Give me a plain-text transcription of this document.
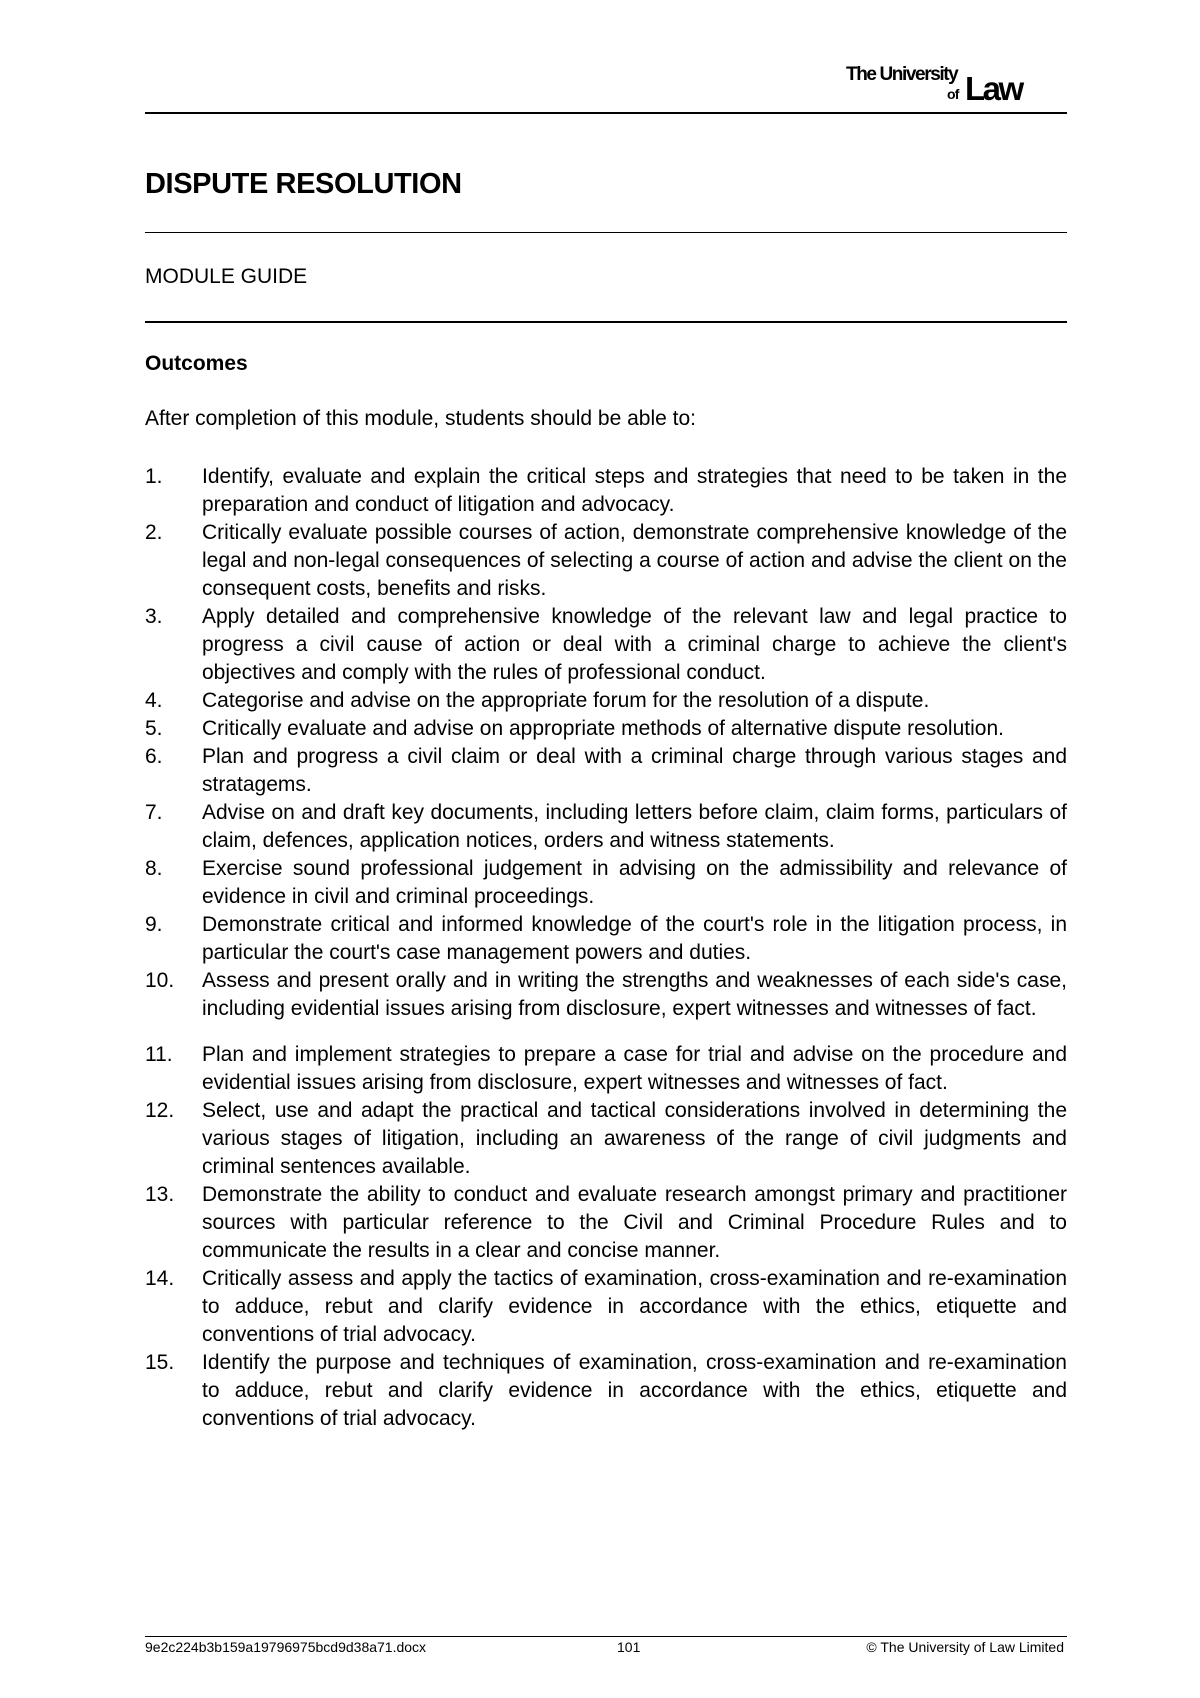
The University
of Law
DISPUTE RESOLUTION
MODULE GUIDE
Outcomes

After completion of this module, students should be able to:

1.	Identify, evaluate and explain the critical steps and strategies that need to be taken in the preparation and conduct of litigation and advocacy.
2.	Critically evaluate possible courses of action, demonstrate comprehensive knowledge of the legal and non-legal consequences of selecting a course of action and advise the client on the consequent costs, benefits and risks.
3.	Apply detailed and comprehensive knowledge of the relevant law and legal practice to progress a civil cause of action or deal with a criminal charge to achieve the client's objectives and comply with the rules of professional conduct.
4.	Categorise and advise on the appropriate forum for the resolution of a dispute.
5.	Critically evaluate and advise on appropriate methods of alternative dispute resolution.
6.	Plan and progress a civil claim or deal with a criminal charge through various stages and stratagems.
7.	Advise on and draft key documents, including letters before claim, claim forms, particulars of claim, defences, application notices, orders and witness statements.
8.	Exercise sound professional judgement in advising on the admissibility and relevance of evidence in civil and criminal proceedings.
9.	Demonstrate critical and informed knowledge of the court's role in the litigation process, in particular the court's case management powers and duties.
10.	Assess and present orally and in writing the strengths and weaknesses of each side's case, including evidential issues arising from disclosure, expert witnesses and witnesses of fact.
11.	Plan and implement strategies to prepare a case for trial and advise on the procedure and evidential issues arising from disclosure, expert witnesses and witnesses of fact.
12.	Select, use and adapt the practical and tactical considerations involved in determining the various stages of litigation, including an awareness of the range of civil judgments and criminal sentences available.
13.	Demonstrate the ability to conduct and evaluate research amongst primary and practitioner sources with particular reference to the Civil and Criminal Procedure Rules and to communicate the results in a clear and concise manner.
14.	Critically assess and apply the tactics of examination, cross-examination and re-examination to adduce, rebut and clarify evidence in accordance with the ethics, etiquette and conventions of trial advocacy.
15.	Identify the purpose and techniques of examination, cross-examination and re-examination to adduce, rebut and clarify evidence in accordance with the ethics, etiquette and conventions of trial advocacy.
9e2c224b3b159a19796975bcd9d38a71.docx	101	© The University of Law Limited
